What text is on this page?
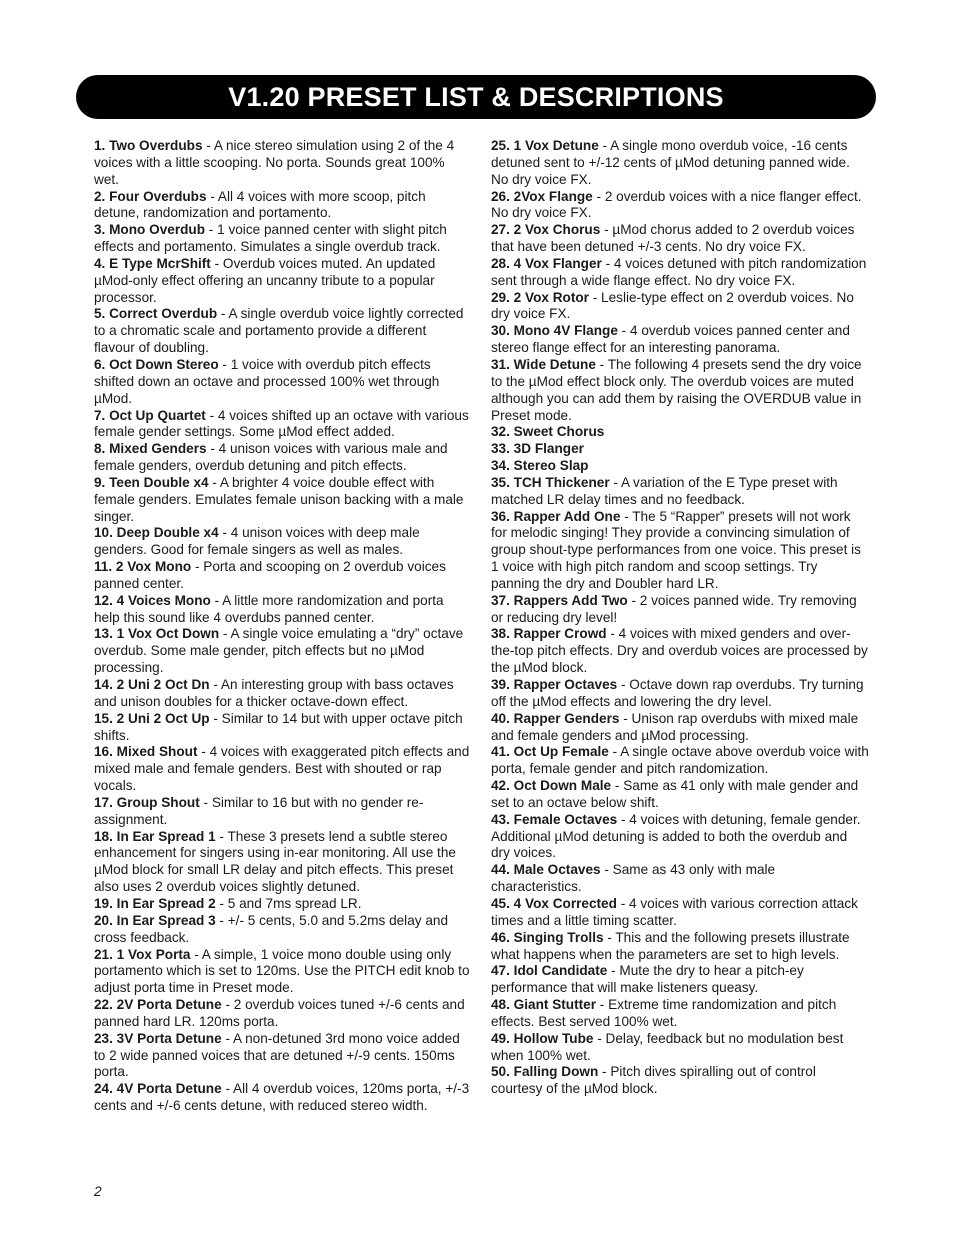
V1.20 PRESET LIST & DESCRIPTIONS

1. Two Overdubs - A nice stereo simulation using 2 of the 4 voices with a little scooping. No porta. Sounds great 100% wet.

2. Four Overdubs - All 4 voices with more scoop, pitch detune, randomization and portamento.

3. Mono Overdub - 1 voice panned center with slight pitch effects and portamento. Simulates a single overdub track.

4. E Type McrShift - Overdub voices muted. An updated µMod-only effect offering an uncanny tribute to a popular processor.

5. Correct Overdub - A single overdub voice lightly corrected to a chromatic scale and portamento provide a different flavour of doubling.

6. Oct Down Stereo - 1 voice with overdub pitch effects shifted down an octave and processed 100% wet through µMod.

7. Oct Up Quartet - 4 voices shifted up an octave with various female gender settings. Some µMod effect added.

8. Mixed Genders - 4 unison voices with various male and female genders, overdub detuning and pitch effects.

9. Teen Double x4 - A brighter 4 voice double effect with female genders. Emulates female unison backing with a male singer.

10. Deep Double x4 - 4 unison voices with deep male genders. Good for female singers as well as males.

11. 2 Vox Mono - Porta and scooping on 2 overdub voices panned center.

12. 4 Voices Mono - A little more randomization and porta help this sound like 4 overdubs panned center.

13. 1 Vox Oct Down - A single voice emulating a “dry” octave overdub. Some male gender, pitch effects but no µMod processing.

14. 2 Uni 2 Oct Dn - An interesting group with bass octaves and unison doubles for a thicker octave-down effect.

15. 2 Uni 2 Oct Up - Similar to 14 but with upper octave pitch shifts.

16. Mixed Shout - 4 voices with exaggerated pitch effects and mixed male and female genders. Best with shouted or rap vocals.

17. Group Shout - Similar to 16 but with no gender re-assignment.

18. In Ear Spread 1 - These 3 presets lend a subtle stereo enhancement for singers using in-ear monitoring. All use the µMod block for small LR delay and pitch effects. This preset also uses 2 overdub voices slightly detuned.

19. In Ear Spread 2 - 5 and 7ms spread LR.

20. In Ear Spread 3 - +/- 5 cents, 5.0 and 5.2ms delay and cross feedback.

21. 1 Vox Porta - A simple, 1 voice mono double using only portamento which is set to 120ms. Use the PITCH edit knob to adjust porta time in Preset mode.

22. 2V Porta Detune - 2 overdub voices tuned +/-6 cents and panned hard LR. 120ms porta.

23. 3V Porta Detune - A non-detuned 3rd mono voice added to 2 wide panned voices that are detuned +/-9 cents. 150ms porta.

24. 4V Porta Detune - All 4 overdub voices, 120ms porta, +/-3 cents and +/-6 cents detune, with reduced stereo width.

25. 1 Vox Detune - A single mono overdub voice, -16 cents detuned sent to +/-12 cents of µMod detuning panned wide. No dry voice FX.

26. 2Vox Flange - 2 overdub voices with a nice flanger effect. No dry voice FX.

27. 2 Vox Chorus - µMod chorus added to 2 overdub voices that have been detuned +/-3 cents. No dry voice FX.

28. 4 Vox Flanger - 4 voices detuned with pitch randomization sent through a wide flange effect. No dry voice FX.

29. 2 Vox Rotor - Leslie-type effect on 2 overdub voices. No dry voice FX.

30. Mono 4V Flange - 4 overdub voices panned center and stereo flange effect for an interesting panorama.

31. Wide Detune - The following 4 presets send the dry voice to the µMod effect block only. The overdub voices are muted although you can add them by raising the OVERDUB value in Preset mode.

32. Sweet Chorus

33. 3D Flanger

34. Stereo Slap

35. TCH Thickener - A variation of the E Type preset with matched LR delay times and no feedback.

36. Rapper Add One - The 5 “Rapper” presets will not work for melodic singing! They provide a convincing simulation of group shout-type performances from one voice. This preset is 1 voice with high pitch random and scoop settings. Try panning the dry and Doubler hard LR.

37. Rappers Add Two - 2 voices panned wide. Try removing or reducing dry level!

38. Rapper Crowd - 4 voices with mixed genders and over-the-top pitch effects. Dry and overdub voices are processed by the µMod block.

39. Rapper Octaves - Octave down rap overdubs. Try turning off the µMod effects and lowering the dry level.

40. Rapper Genders - Unison rap overdubs with mixed male and female genders and µMod processing.

41. Oct Up Female - A single octave above overdub voice with porta, female gender and pitch randomization.

42. Oct Down Male - Same as 41 only with male gender and set to an octave below shift.

43. Female Octaves - 4 voices with detuning, female gender. Additional µMod detuning is added to both the overdub and dry voices.

44. Male Octaves - Same as 43 only with male characteristics.

45. 4 Vox Corrected - 4 voices with various correction attack times and a little timing scatter.

46. Singing Trolls - This and the following presets illustrate what happens when the parameters are set to high levels.

47. Idol Candidate - Mute the dry to hear a pitch-ey performance that will make listeners queasy.

48. Giant Stutter - Extreme time randomization and pitch effects. Best served 100% wet.

49. Hollow Tube - Delay, feedback but no modulation best when 100% wet.

50. Falling Down - Pitch dives spiralling out of control courtesy of the µMod block.

2
